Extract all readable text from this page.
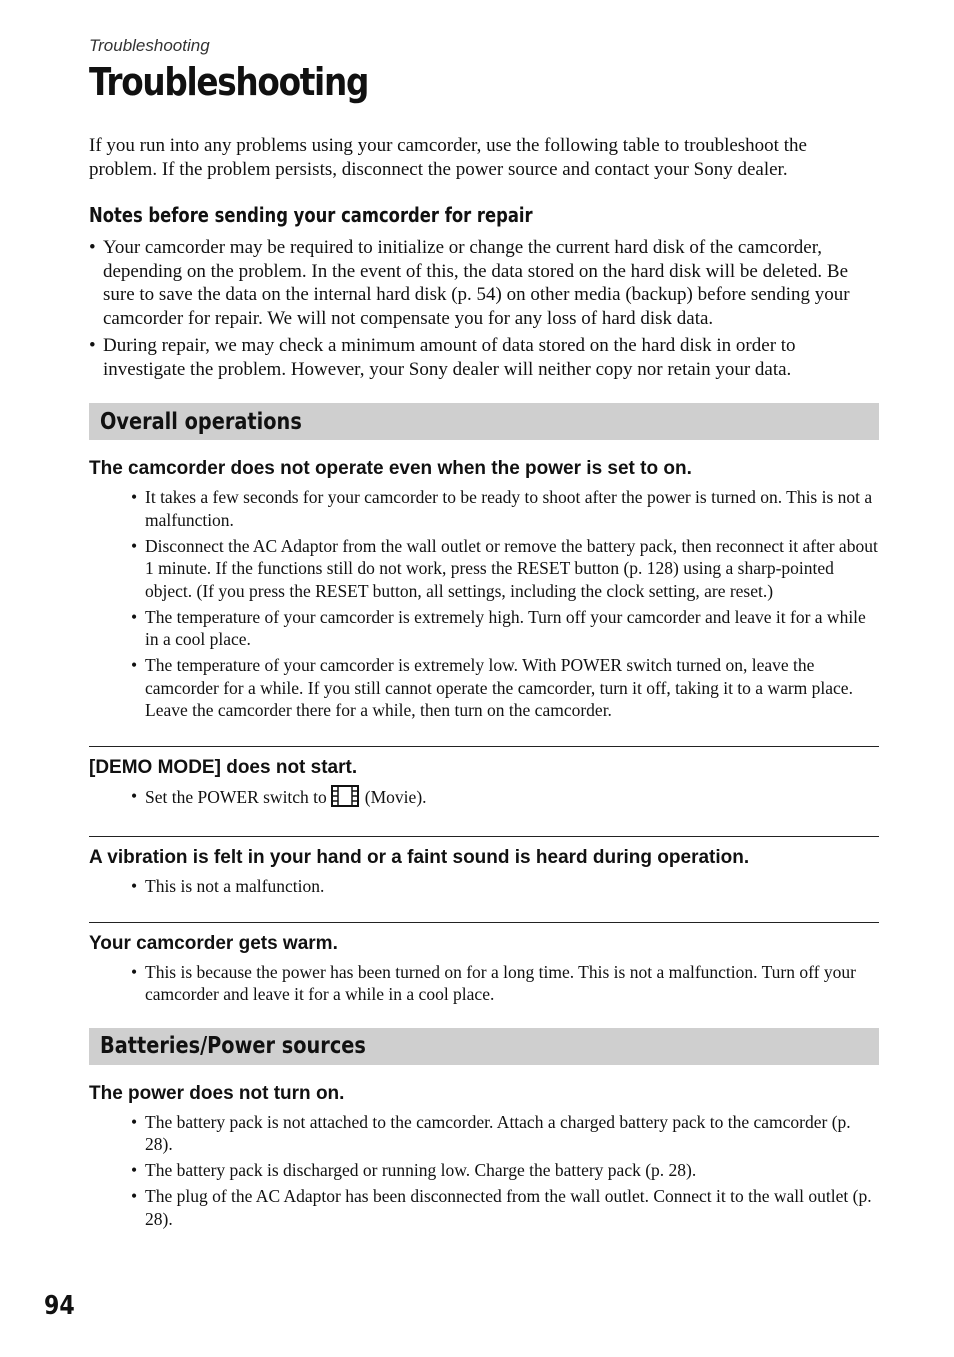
Troubleshooting
Troubleshooting

If you run into any problems using your camcorder, use the following table to troubleshoot the problem. If the problem persists, disconnect the power source and contact your Sony dealer.

Notes before sending your camcorder for repair
• Your camcorder may be required to initialize or change the current hard disk of the camcorder, depending on the problem. In the event of this, the data stored on the hard disk will be deleted. Be sure to save the data on the internal hard disk (p. 54) on other media (backup) before sending your camcorder for repair. We will not compensate you for any loss of hard disk data.
• During repair, we may check a minimum amount of data stored on the hard disk in order to investigate the problem. However, your Sony dealer will neither copy nor retain your data.
Overall operations
The camcorder does not operate even when the power is set to on.
• It takes a few seconds for your camcorder to be ready to shoot after the power is turned on. This is not a malfunction.
• Disconnect the AC Adaptor from the wall outlet or remove the battery pack, then reconnect it after about 1 minute. If the functions still do not work, press the RESET button (p. 128) using a sharp-pointed object. (If you press the RESET button, all settings, including the clock setting, are reset.)
• The temperature of your camcorder is extremely high. Turn off your camcorder and leave it for a while in a cool place.
• The temperature of your camcorder is extremely low. With POWER switch turned on, leave the camcorder for a while. If you still cannot operate the camcorder, turn it off, taking it to a warm place. Leave the camcorder there for a while, then turn on the camcorder.
[DEMO MODE] does not start.
• Set the POWER switch to (Movie).
A vibration is felt in your hand or a faint sound is heard during operation.
• This is not a malfunction.
Your camcorder gets warm.
• This is because the power has been turned on for a long time. This is not a malfunction. Turn off your camcorder and leave it for a while in a cool place.
Batteries/Power sources
The power does not turn on.
• The battery pack is not attached to the camcorder. Attach a charged battery pack to the camcorder (p. 28).
• The battery pack is discharged or running low. Charge the battery pack (p. 28).
• The plug of the AC Adaptor has been disconnected from the wall outlet. Connect it to the wall outlet (p. 28).
94
